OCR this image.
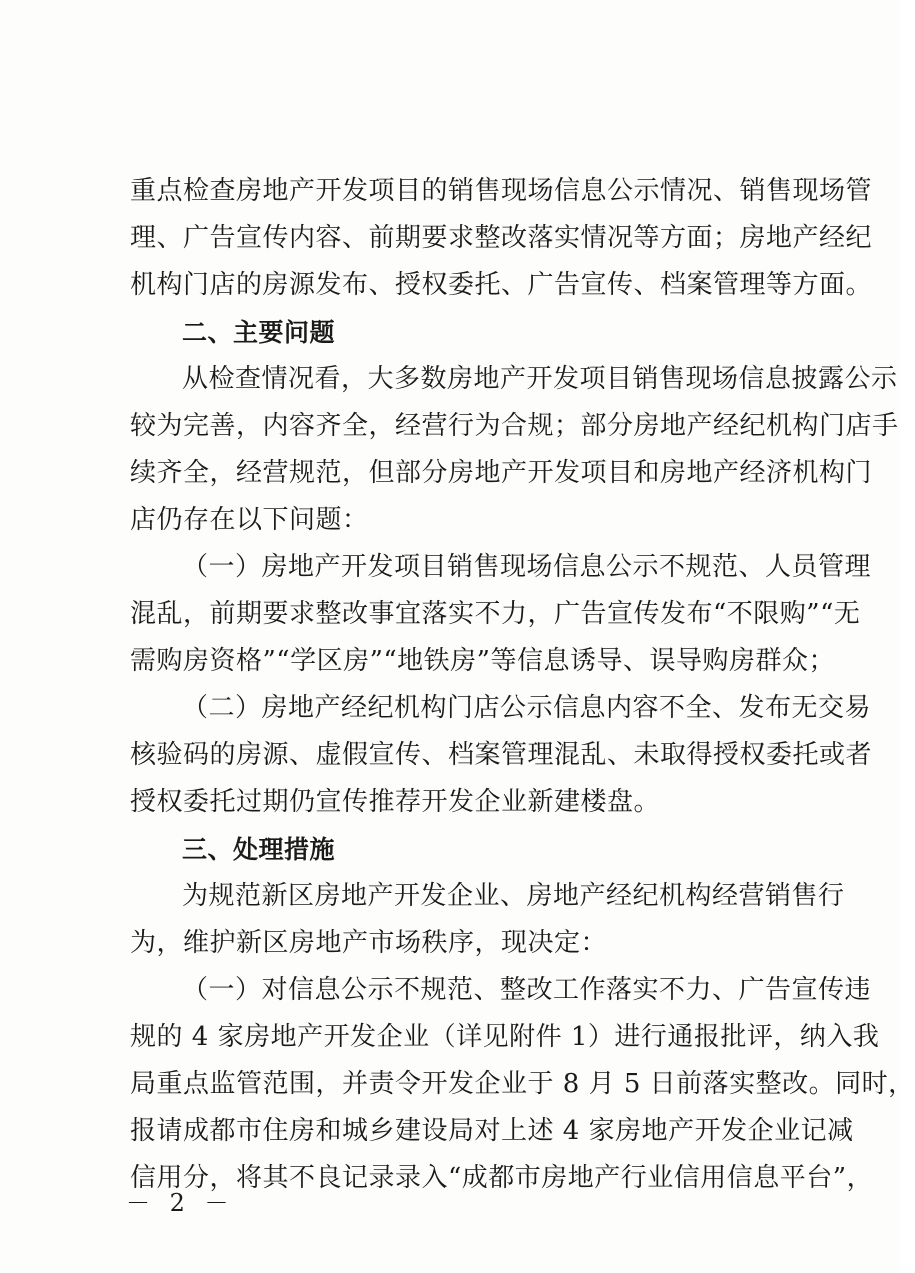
重点检查房地产开发项目的销售现场信息公示情况、销售现场管
理、广告宣传内容、前期要求整改落实情况等方面；房地产经纪
机构门店的房源发布、授权委托、广告宣传、档案管理等方面。
二、主要问题
从检查情况看，大多数房地产开发项目销售现场信息披露公示
较为完善，内容齐全，经营行为合规；部分房地产经纪机构门店手
续齐全，经营规范，但部分房地产开发项目和房地产经济机构门
店仍存在以下问题：
（一）房地产开发项目销售现场信息公示不规范、人员管理
混乱，前期要求整改事宜落实不力，广告宣传发布“不限购”“无
需购房资格”“学区房”“地铁房”等信息诱导、误导购房群众；
（二）房地产经纪机构门店公示信息内容不全、发布无交易
核验码的房源、虚假宣传、档案管理混乱、未取得授权委托或者
授权委托过期仍宣传推荐开发企业新建楼盘。
三、处理措施
为规范新区房地产开发企业、房地产经纪机构经营销售行
为，维护新区房地产市场秩序，现决定：
（一）对信息公示不规范、整改工作落实不力、广告宣传违
规的 4 家房地产开发企业（详见附件 1）进行通报批评，纳入我
局重点监管范围，并责令开发企业于 8 月 5 日前落实整改。同时，
报请成都市住房和城乡建设局对上述 4 家房地产开发企业记减
信用分，将其不良记录录入“成都市房地产行业信用信息平台”，
－ 2 －
